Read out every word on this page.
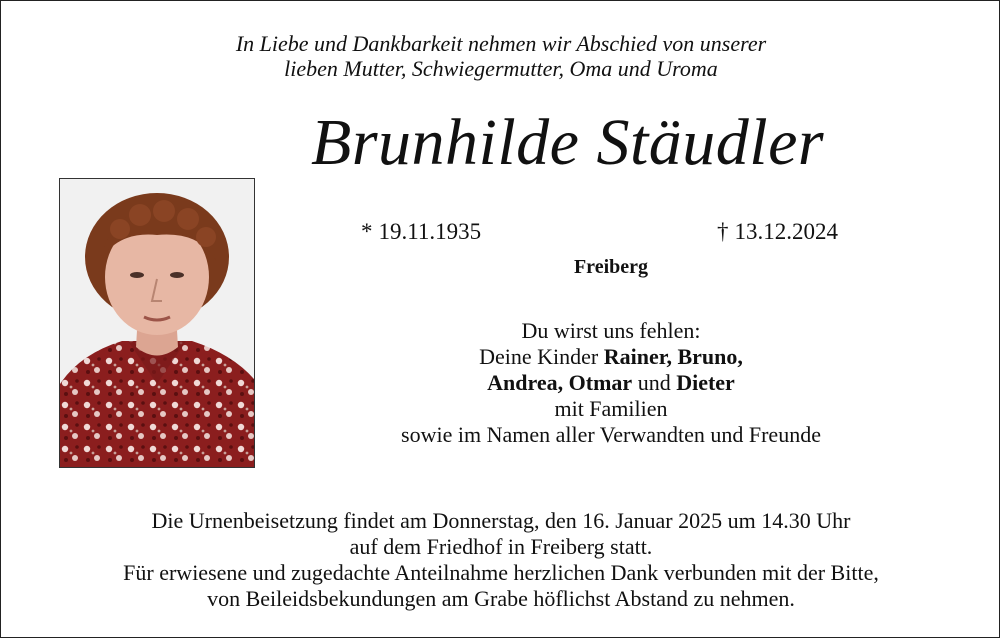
In Liebe und Dankbarkeit nehmen wir Abschied von unserer
lieben Mutter, Schwiegermutter, Oma und Uroma
Brunhilde Stäudler
* 19.11.1935	† 13.12.2024
Freiberg
Du wirst uns fehlen:
Deine Kinder Rainer, Bruno,
Andrea, Otmar und Dieter
mit Familien
sowie im Namen aller Verwandten und Freunde
Die Urnenbeisetzung findet am Donnerstag, den 16. Januar 2025 um 14.30 Uhr
auf dem Friedhof in Freiberg statt.
Für erwiesene und zugedachte Anteilnahme herzlichen Dank verbunden mit der Bitte,
von Beileidsbekundungen am Grabe höflichst Abstand zu nehmen.
